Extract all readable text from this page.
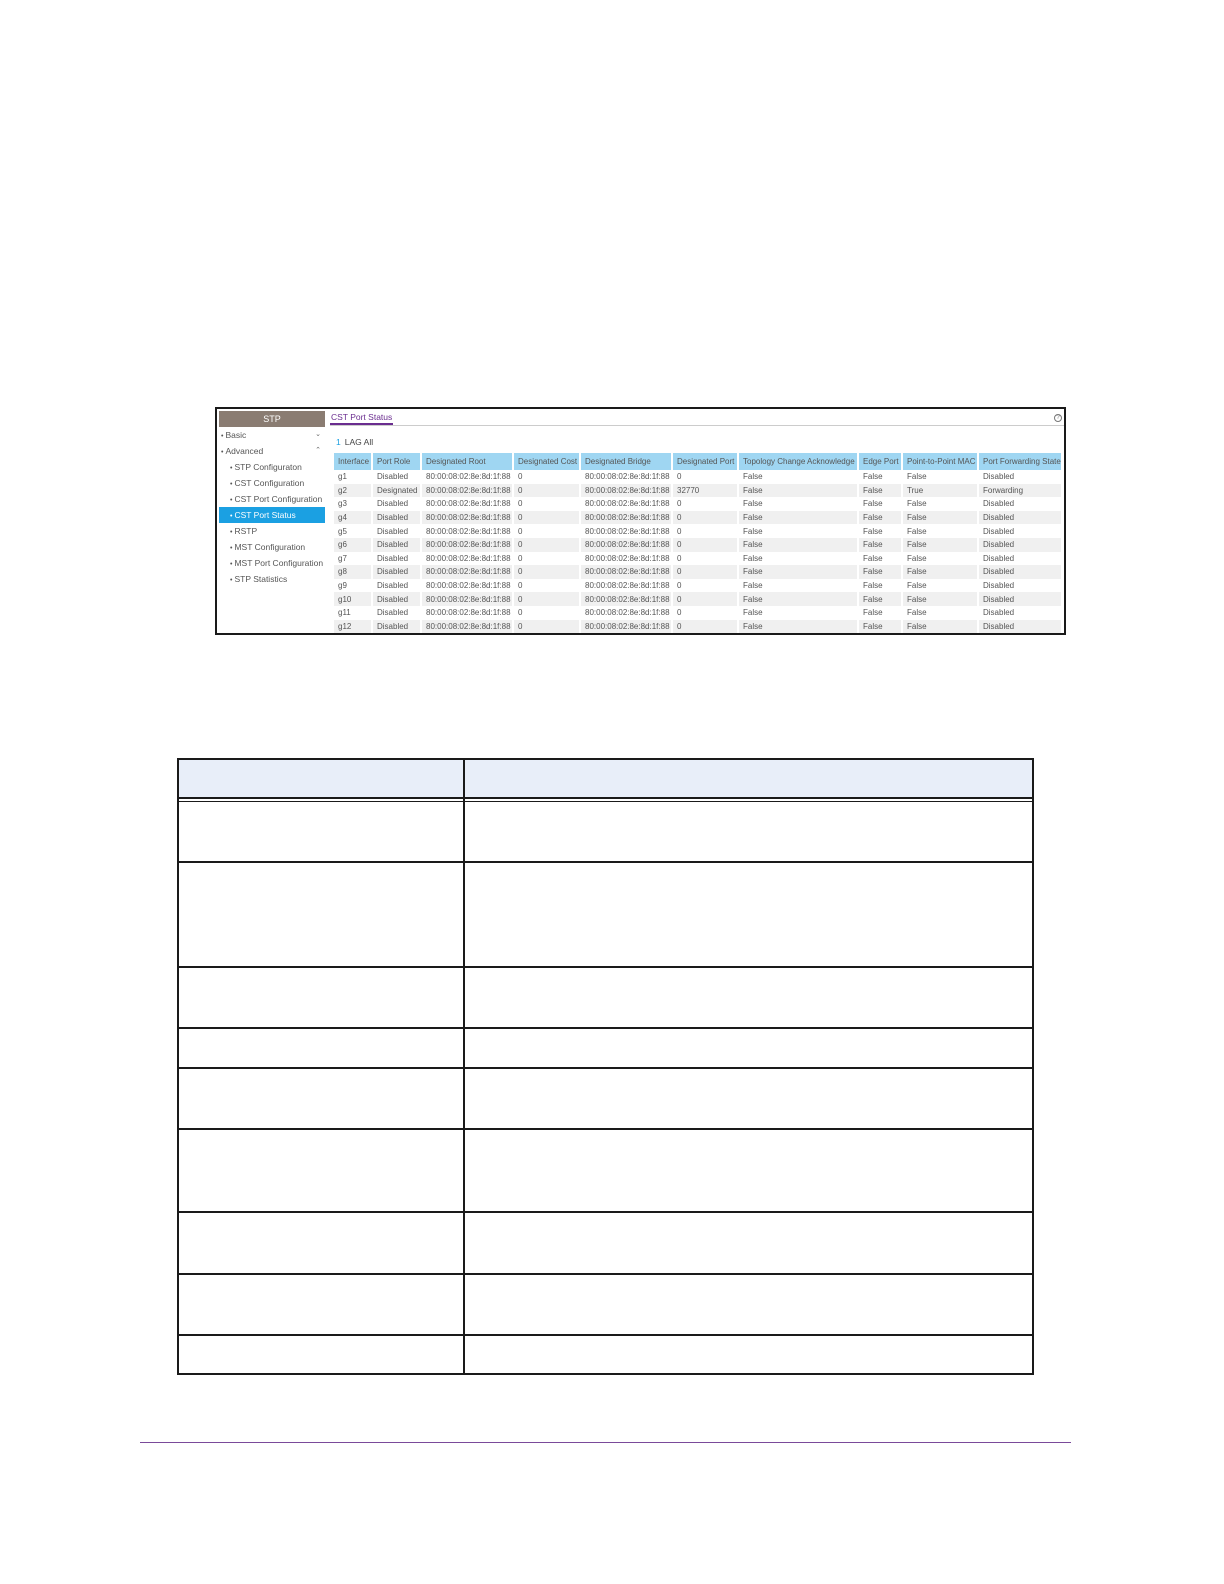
STP
• Basic	⌄
• Advanced	⌃
• STP Configuraton
• CST Configuration
• CST Port Configuration
• CST Port Status
• RSTP
• MST Configuration
• MST Port Configuration
• STP Statistics
CST Port Status	?
1 LAG All
Interface	Port Role	Designated Root	Designated Cost	Designated Bridge	Designated Port	Topology Change Acknowledge	Edge Port	Point-to-Point MAC	Port Forwarding State
g1	Disabled	80:00:08:02:8e:8d:1f:88	0	80:00:08:02:8e:8d:1f:88	0	False	False	False	Disabled
g2	Designated	80:00:08:02:8e:8d:1f:88	0	80:00:08:02:8e:8d:1f:88	32770	False	False	True	Forwarding
g3	Disabled	80:00:08:02:8e:8d:1f:88	0	80:00:08:02:8e:8d:1f:88	0	False	False	False	Disabled
g4	Disabled	80:00:08:02:8e:8d:1f:88	0	80:00:08:02:8e:8d:1f:88	0	False	False	False	Disabled
g5	Disabled	80:00:08:02:8e:8d:1f:88	0	80:00:08:02:8e:8d:1f:88	0	False	False	False	Disabled
g6	Disabled	80:00:08:02:8e:8d:1f:88	0	80:00:08:02:8e:8d:1f:88	0	False	False	False	Disabled
g7	Disabled	80:00:08:02:8e:8d:1f:88	0	80:00:08:02:8e:8d:1f:88	0	False	False	False	Disabled
g8	Disabled	80:00:08:02:8e:8d:1f:88	0	80:00:08:02:8e:8d:1f:88	0	False	False	False	Disabled
g9	Disabled	80:00:08:02:8e:8d:1f:88	0	80:00:08:02:8e:8d:1f:88	0	False	False	False	Disabled
g10	Disabled	80:00:08:02:8e:8d:1f:88	0	80:00:08:02:8e:8d:1f:88	0	False	False	False	Disabled
g11	Disabled	80:00:08:02:8e:8d:1f:88	0	80:00:08:02:8e:8d:1f:88	0	False	False	False	Disabled
g12	Disabled	80:00:08:02:8e:8d:1f:88	0	80:00:08:02:8e:8d:1f:88	0	False	False	False	Disabled
